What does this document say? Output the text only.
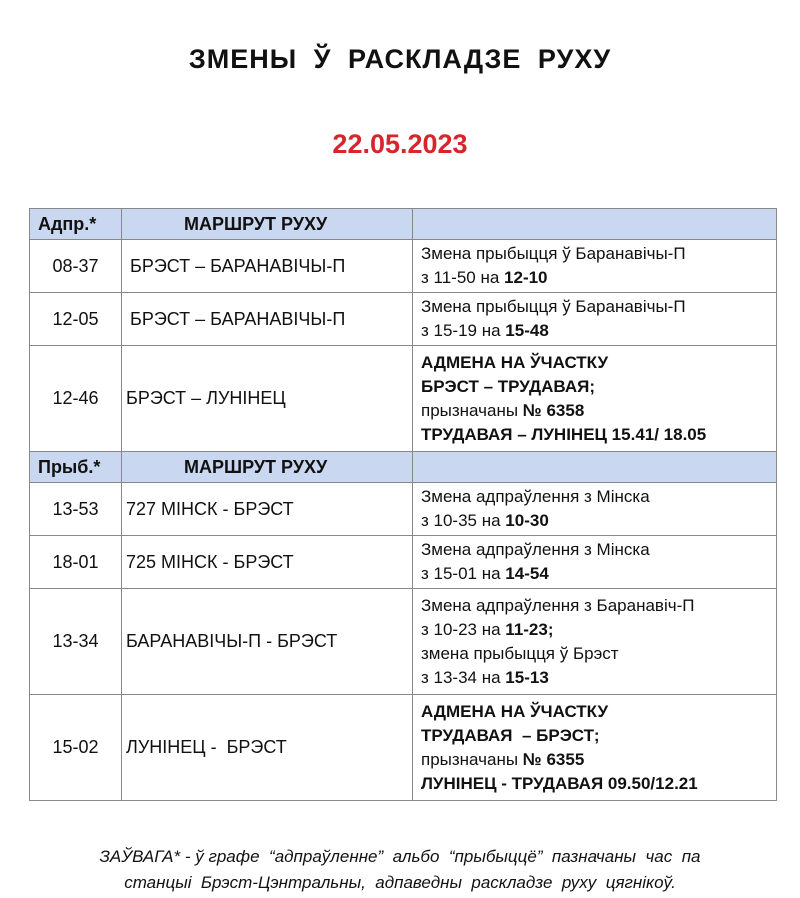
ЗМЕНЫ Ў РАСКЛАДЗЕ РУХУ
22.05.2023
Адпр.*	МАРШРУТ РУХУ	
08-37	БРЭСТ – БАРАНАВІЧЫ-П	Змена прыбыцця ў Баранавічы-П
з 11-50 на 12-10

12-05	БРЭСТ – БАРАНАВІЧЫ-П	Змена прыбыцця ў Баранавічы-П
з 15-19 на 15-48

12-46	БРЭСТ – ЛУНІНЕЦ	АДМЕНА НА ЎЧАСТКУ
БРЭСТ – ТРУДАВАЯ;
прызначаны № 6358
ТРУДАВАЯ – ЛУНІНЕЦ 15.41/ 18.05

Прыб.*	МАРШРУТ РУХУ	
13-53	727 МІНСК - БРЭСТ	Змена адпраўлення з Мінска
з 10-35 на 10-30

18-01	725 МІНСК - БРЭСТ	Змена адпраўлення з Мінска
з 15-01 на 14-54

13-34	БАРАНАВІЧЫ-П - БРЭСТ	Змена адпраўлення з Баранавіч-П
з 10-23 на 11-23;
змена прыбыцця ў Брэст
з 13-34 на 15-13

15-02	ЛУНІНЕЦ -  БРЭСТ	АДМЕНА НА ЎЧАСТКУ
ТРУДАВАЯ  – БРЭСТ;
прызначаны № 6355
ЛУНІНЕЦ - ТРУДАВАЯ 09.50/12.21
ЗАЎВАГА* - ў графе  “адпраўленне”  альбо  “прыбыццё”  пазначаны  час  па
станцыі  Брэст-Цэнтральны,  адпаведны  раскладзе  руху  цягнікоў.
